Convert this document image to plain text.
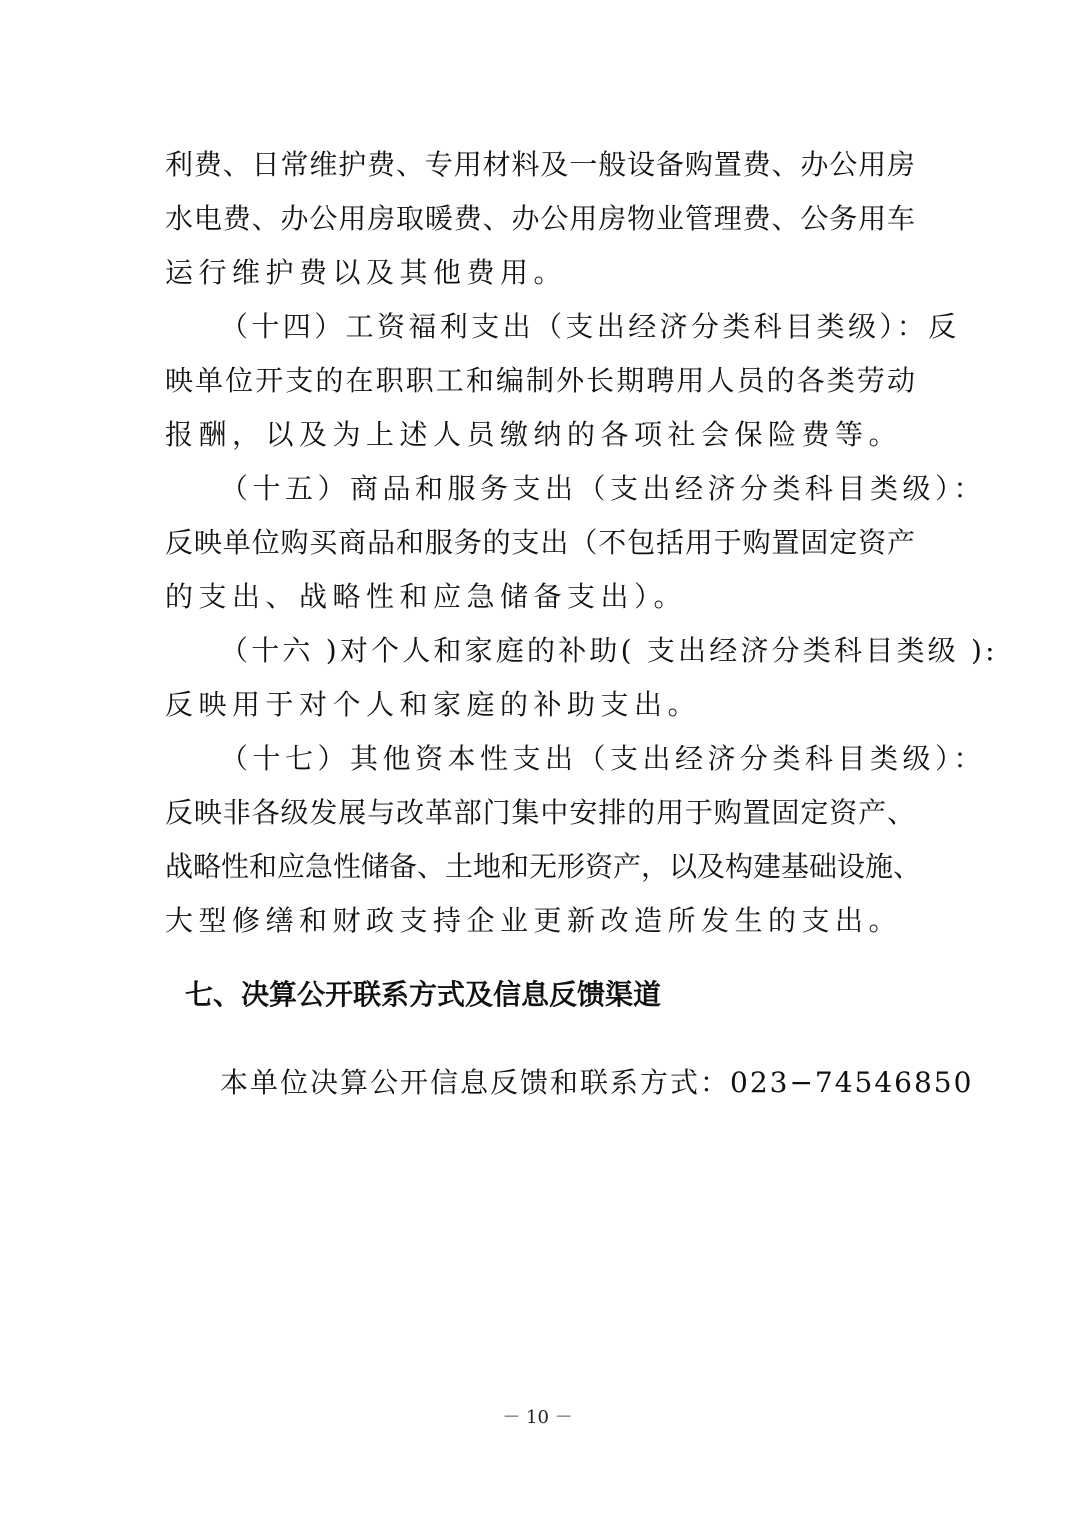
利费、日常维护费、专用材料及一般设备购置费、办公用房
水电费、办公用房取暖费、办公用房物业管理费、公务用车
运行维护费以及其他费用。
（十四）工资福利支出（支出经济分类科目类级）：反
映单位开支的在职职工和编制外长期聘用人员的各类劳动
报酬，以及为上述人员缴纳的各项社会保险费等。
（十五）商品和服务支出（支出经济分类科目类级）：
反映单位购买商品和服务的支出（不包括用于购置固定资产
的支出、战略性和应急储备支出）。
（十六 )对个人和家庭的补助( 支出经济分类科目类级 ):
反映用于对个人和家庭的补助支出。
（十七）其他资本性支出（支出经济分类科目类级）：
反映非各级发展与改革部门集中安排的用于购置固定资产、
战略性和应急性储备、土地和无形资产，以及构建基础设施、
大型修缮和财政支持企业更新改造所发生的支出。
七、决算公开联系方式及信息反馈渠道
本单位决算公开信息反馈和联系方式：023−74546850
－ 10 －
